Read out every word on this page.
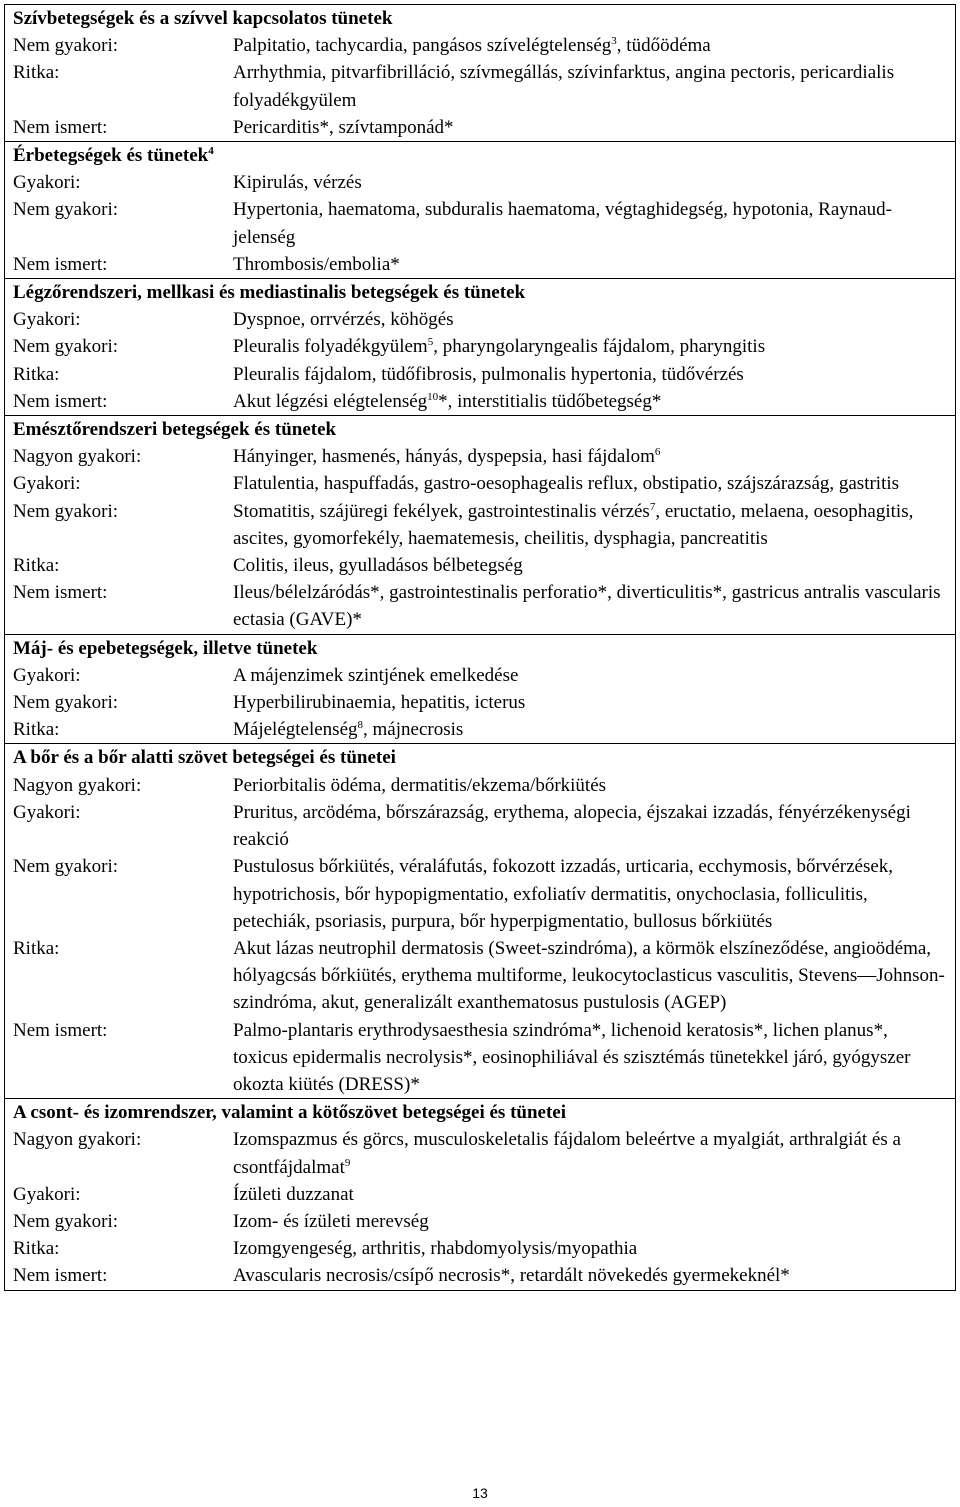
Szívbetegségek és a szívvel kapcsolatos tünetek
Nem gyakori:	Palpitatio, tachycardia, pangásos szívelégtelenség$^3$, tüdőödéma
Ritka:	Arrhythmia, pitvarfibrilláció, szívmegállás, szívinfarktus, angina pectoris, pericardialis folyadékgyülem
Nem ismert:	Pericarditis*, szívtamponád*
Érbetegségek és tünetek$^4$
Gyakori:	Kipirulás, vérzés
Nem gyakori:	Hypertonia, haematoma, subduralis haematoma, végtaghidegség, hypotonia, Raynaud-jelenség
Nem ismert:	Thrombosis/embolia*
Légzőrendszeri, mellkasi és mediastinalis betegségek és tünetek
Gyakori:	Dyspnoe, orrvérzés, köhögés
Nem gyakori:	Pleuralis folyadékgyülem$^5$, pharyngolaryngealis fájdalom, pharyngitis
Ritka:	Pleuralis fájdalom, tüdőfibrosis, pulmonalis hypertonia, tüdővérzés
Nem ismert:	Akut légzési elégtelenség$^{10}$*, interstitialis tüdőbetegség*
Emésztőrendszeri betegségek és tünetek
Nagyon gyakori:	Hányinger, hasmenés, hányás, dyspepsia, hasi fájdalom$^6$
Gyakori:	Flatulentia, haspuffadás, gastro-oesophagealis reflux, obstipatio, szájszárazság, gastritis
Nem gyakori:	Stomatitis, szájüregi fekélyek, gastrointestinalis vérzés$^7$, eructatio, melaena, oesophagitis, ascites, gyomorfekély, haematemesis, cheilitis, dysphagia, pancreatitis
Ritka:	Colitis, ileus, gyulladásos bélbetegség
Nem ismert:	Ileus/bélelzáródás*, gastrointestinalis perforatio*, diverticulitis*, gastricus antralis vascularis ectasia (GAVE)*
Máj- és epebetegségek, illetve tünetek
Gyakori:	A májenzimek szintjének emelkedése
Nem gyakori:	Hyperbilirubinaemia, hepatitis, icterus
Ritka:	Májelégtelenség$^8$, májnecrosis
A bőr és a bőr alatti szövet betegségei és tünetei
Nagyon gyakori:	Periorbitalis ödéma, dermatitis/ekzema/bőrkiütés
Gyakori:	Pruritus, arcödéma, bőrszárazság, erythema, alopecia, éjszakai izzadás, fényérzékenységi reakció
Nem gyakori:	Pustulosus bőrkiütés, véraláfutás, fokozott izzadás, urticaria, ecchymosis, bőrvérzések, hypotrichosis, bőr hypopigmentatio, exfoliatív dermatitis, onychoclasia, folliculitis, petechiák, psoriasis, purpura, bőr hyperpigmentatio, bullosus bőrkiütés
Ritka:	Akut lázas neutrophil dermatosis (Sweet-szindróma), a körmök elszíneződése, angioödéma, hólyagcsás bőrkiütés, erythema multiforme, leukocytoclasticus vasculitis, Stevens—Johnson-szindróma, akut, generalizált exanthematosus pustulosis (AGEP)
Nem ismert:	Palmo-plantaris erythrodysaesthesia szindróma*, lichenoid keratosis*, lichen planus*, toxicus epidermalis necrolysis*, eosinophiliával és szisztémás tünetekkel járó, gyógyszer okozta kiütés (DRESS)*
A csont- és izomrendszer, valamint a kötőszövet betegségei és tünetei
Nagyon gyakori:	Izomspazmus és görcs, musculoskeletalis fájdalom beleértve a myalgiát, arthralgiát és a csontfájdalmat$^9$
Gyakori:	Ízületi duzzanat
Nem gyakori:	Izom- és ízületi merevség
Ritka:	Izomgyengeség, arthritis, rhabdomyolysis/myopathia
Nem ismert:	Avascularis necrosis/csípő necrosis*, retardált növekedés gyermekeknél*
13
